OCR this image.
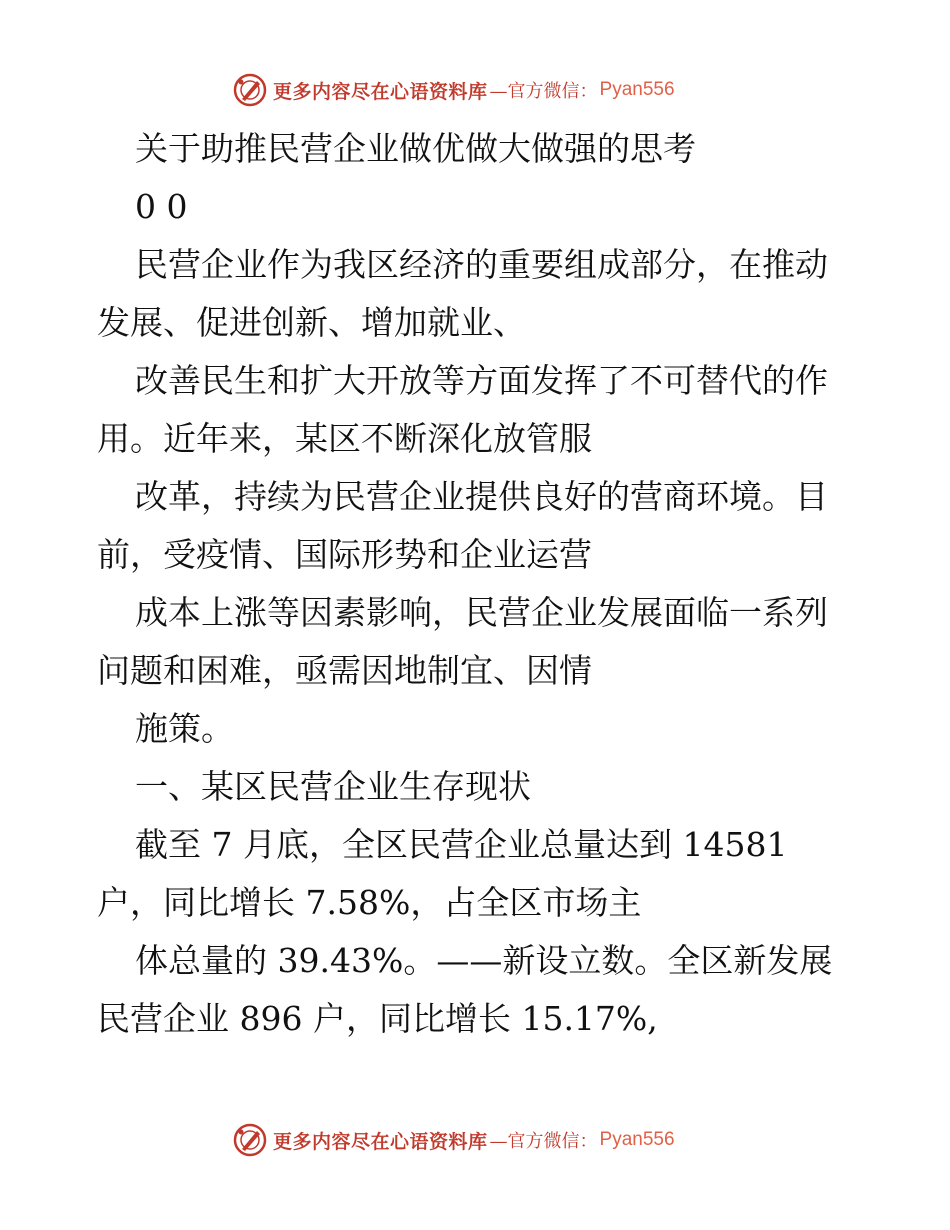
更多内容尽在心语资料库 —官方微信： Pyan556
关于助推民营企业做优做大做强的思考
0 0
民营企业作为我区经济的重要组成部分，在推动
发展、促进创新、增加就业、
改善民生和扩大开放等方面发挥了不可替代的作
用。近年来，某区不断深化放管服
改革，持续为民营企业提供良好的营商环境。目
前，受疫情、国际形势和企业运营
成本上涨等因素影响，民营企业发展面临一系列
问题和困难，亟需因地制宜、因情
施策。
一、某区民营企业生存现状
截至 7 月底，全区民营企业总量达到 14581
户，同比增长 7.58%，占全区市场主
体总量的 39.43%。——新设立数。全区新发展
民营企业 896 户，同比增长 15.17%,
更多内容尽在心语资料库 —官方微信： Pyan556
